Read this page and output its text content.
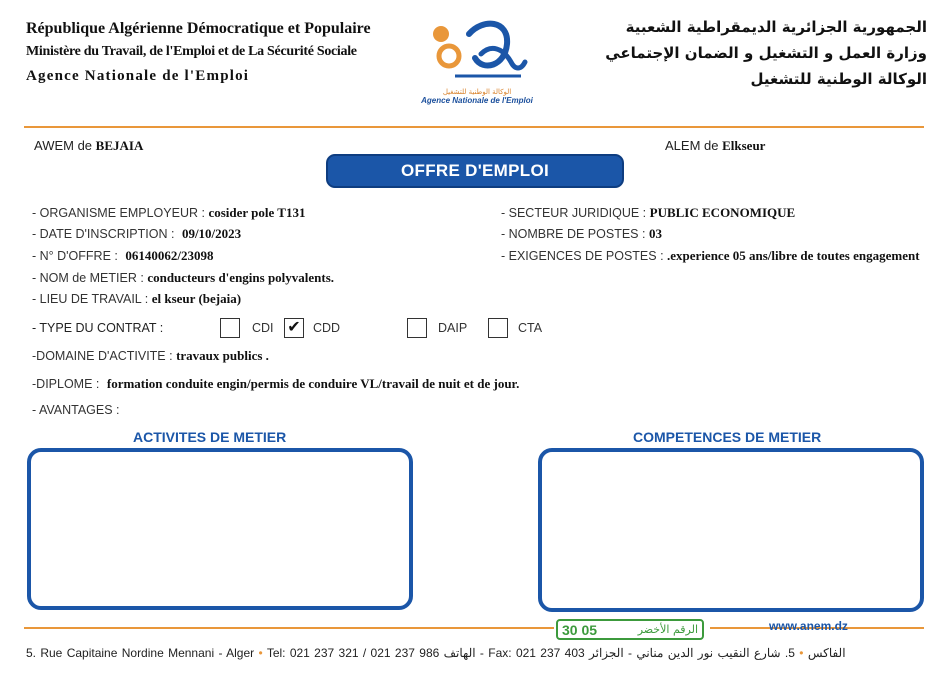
République Algérienne Démocratique et Populaire
Ministère du Travail, de l'Emploi et de La Sécurité Sociale
Agence Nationale de l'Emploi
الوكالة الوطنية للتشغيل
Agence Nationale de l'Emploi
الجمهورية الجزائرية الديمقراطية الشعبية
وزارة العمل و التشغيل و الضمان الإجتماعي
الوكالة الوطنية للتشغيل
AWEM de BEJAIA	ALEM de Elkseur
OFFRE D'EMPLOI
- ORGANISME EMPLOYEUR : cosider pole T131
- DATE D'INSCRIPTION : 09/10/2023
- N° D'OFFRE : 06140062/23098
- NOM de METIER : conducteurs d'engins polyvalents.
- LIEU DE TRAVAIL : el kseur (bejaia)
- SECTEUR JURIDIQUE : PUBLIC ECONOMIQUE
- NOMBRE DE POSTES : 03
- EXIGENCES DE POSTES : .experience 05 ans/libre de toutes engagement
- TYPE DU CONTRAT :	CDI ✔ CDD	DAIP	CTA
-DOMAINE D'ACTIVITE : travaux publics .
-DIPLOME : formation conduite engin/permis de conduire VL/travail de nuit et de jour.
- AVANTAGES :
ACTIVITES DE METIER	COMPETENCES DE METIER
30 05	الرقم الأخضر	www.anem.dz
5. Rue Capitaine Nordine Mennani - Alger • Tel: 021 237 321 / 021 237 986 الهاتف - Fax: 021 237 403 الفاكس • 5. شارع النقيب نور الدين مناني - الجزائر
